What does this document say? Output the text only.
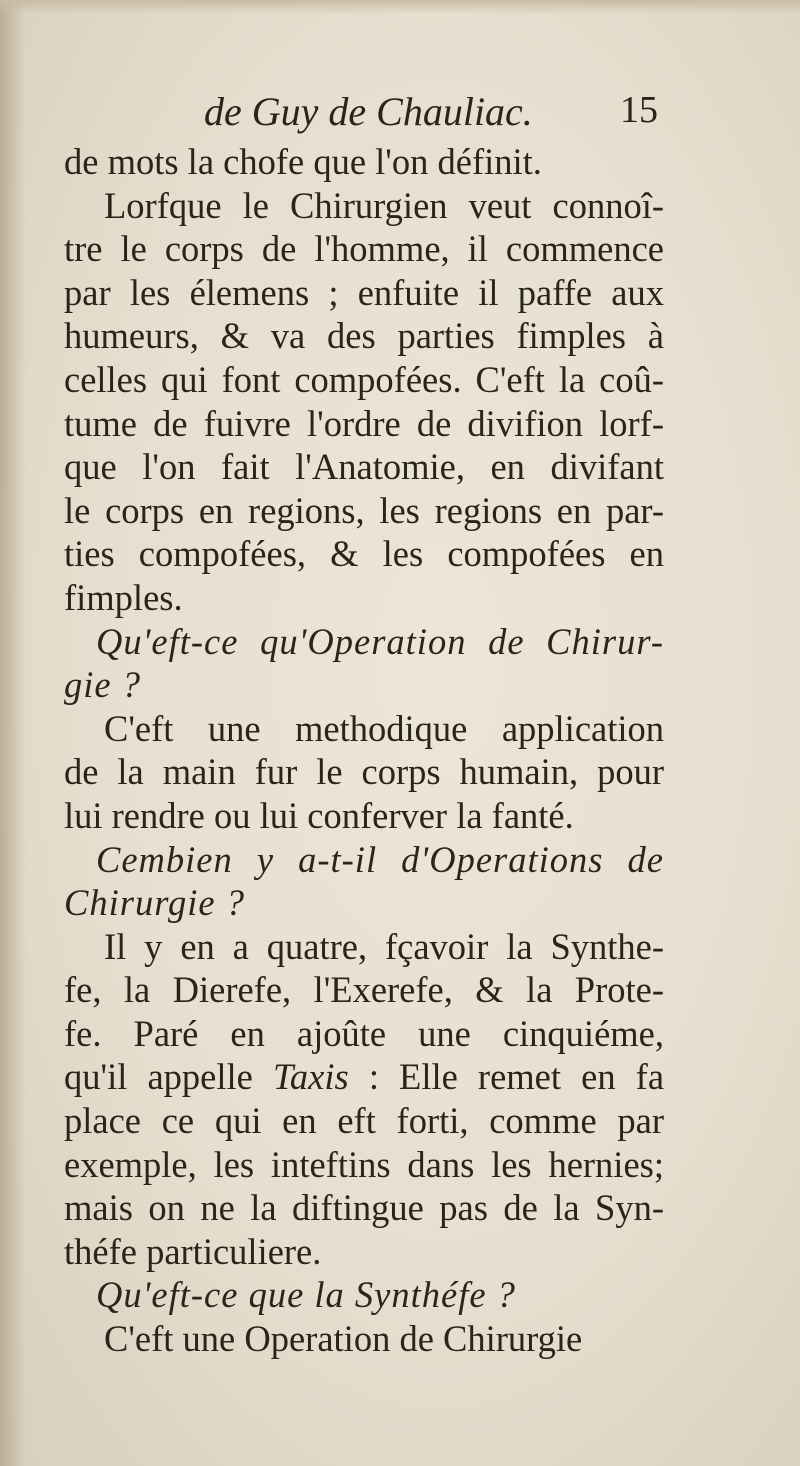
de Guy de Chauliac. 15
de mots la chofe que l'on définit.
Lorfque le Chirurgien veut connoî-
tre le corps de l'homme, il commence
par les élemens ; enfuite il paffe aux
humeurs, & va des parties fimples à
celles qui font compofées. C'eft la coû-
tume de fuivre l'ordre de divifion lorf-
que l'on fait l'Anatomie, en divifant
le corps en regions, les regions en par-
ties compofées, & les compofées en
fimples.
Qu'eft-ce qu'Operation de Chirur-
gie ?
C'eft une methodique application
de la main fur le corps humain, pour
lui rendre ou lui conferver la fanté.
Cembien y a-t-il d'Operations de
Chirurgie ?
Il y en a quatre, fçavoir la Synthe-
fe, la Dierefe, l'Exerefe, & la Prote-
fe. Paré en ajoûte une cinquiéme,
qu'il appelle Taxis : Elle remet en fa
place ce qui en eft forti, comme par
exemple, les inteftins dans les hernies;
mais on ne la diftingue pas de la Syn-
théfe particuliere.
Qu'eft-ce que la Synthéfe ?
C'eft une Operation de Chirurgie
